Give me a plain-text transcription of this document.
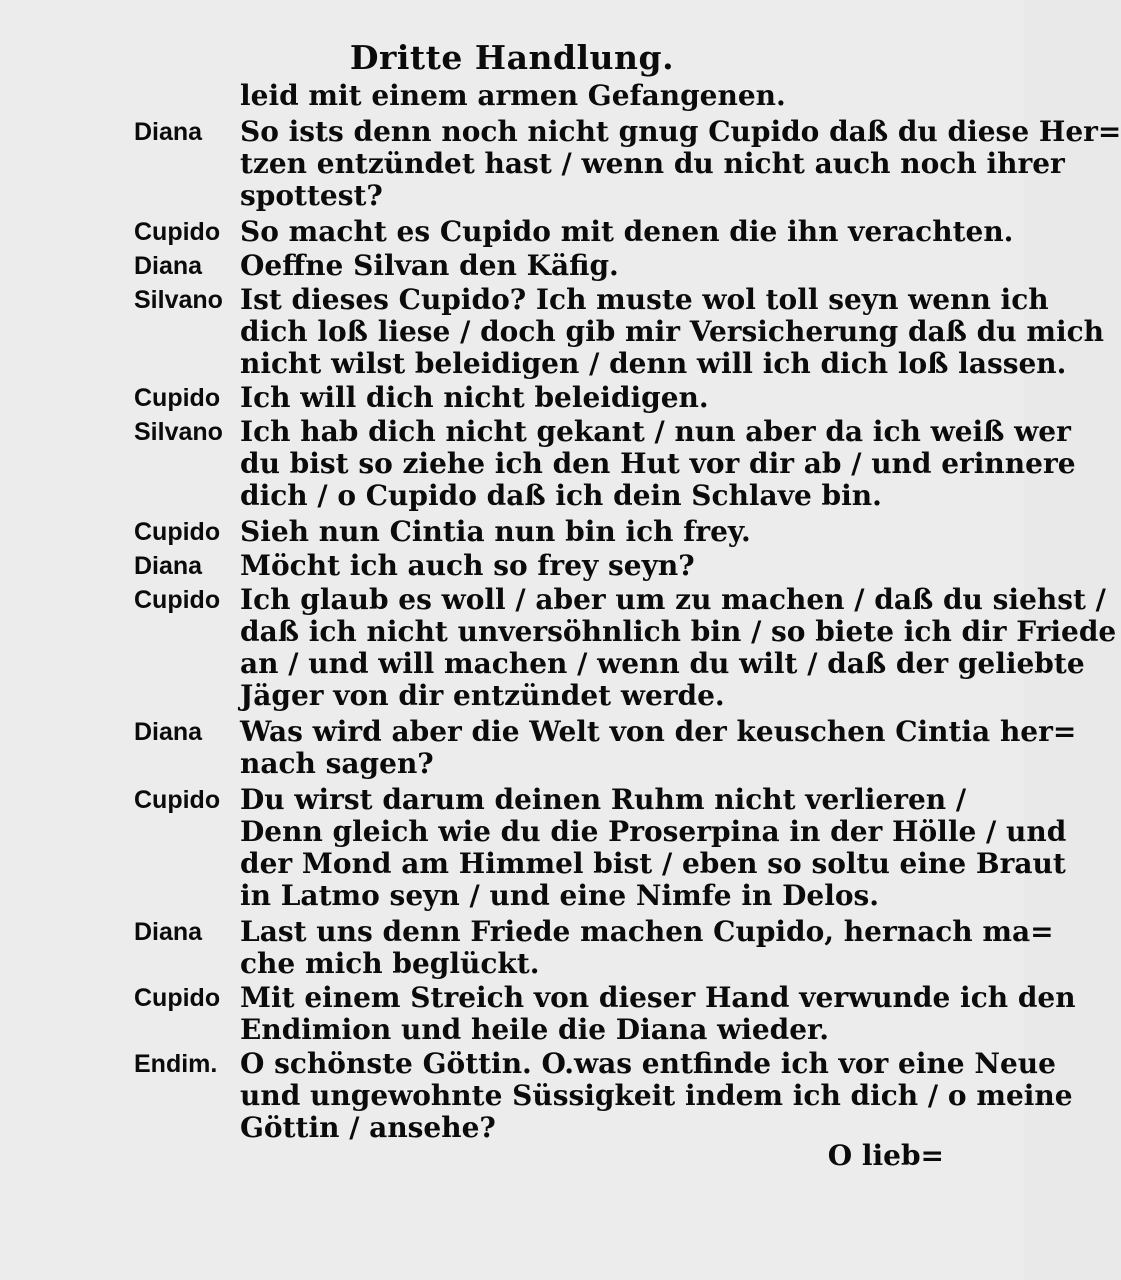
Dritte Handlung.
leid mit einem armen Gefangenen.
Diana So ists denn noch nicht gnug Cupido daß du diese Her=
tzen entzündet hast / wenn du nicht auch noch ihrer
spottest?
Cupido So macht es Cupido mit denen die ihn verachten.
Diana Oeffne Silvan den Käfig.
Silvano Ist dieses Cupido? Ich muste wol toll seyn wenn ich
dich loß liese / doch gib mir Versicherung daß du mich
nicht wilst beleidigen / denn will ich dich loß lassen.
Cupido Ich will dich nicht beleidigen.
Silvano Ich hab dich nicht gekant / nun aber da ich weiß wer
du bist so ziehe ich den Hut vor dir ab / und erinnere
dich / o Cupido daß ich dein Schlave bin.
Cupido Sieh nun Cintia nun bin ich frey.
Diana Möcht ich auch so frey seyn?
Cupido Ich glaub es woll / aber um zu machen / daß du siehst /
daß ich nicht unversöhnlich bin / so biete ich dir Friede
an / und will machen / wenn du wilt / daß der geliebte
Jäger von dir entzündet werde.
Diana Was wird aber die Welt von der keuschen Cintia her=
nach sagen?
Cupido Du wirst darum deinen Ruhm nicht verlieren /
Denn gleich wie du die Proserpina in der Hölle / und
der Mond am Himmel bist / eben so soltu eine Braut
in Latmo seyn / und eine Nimfe in Delos.
Diana Last uns denn Friede machen Cupido, hernach ma=
che mich beglückt.
Cupido Mit einem Streich von dieser Hand verwunde ich den
Endimion und heile die Diana wieder.
Endim. O schönste Göttin. O.was entfinde ich vor eine Neue
und ungewohnte Süssigkeit indem ich dich / o meine
Göttin / ansehe?
O lieb=
